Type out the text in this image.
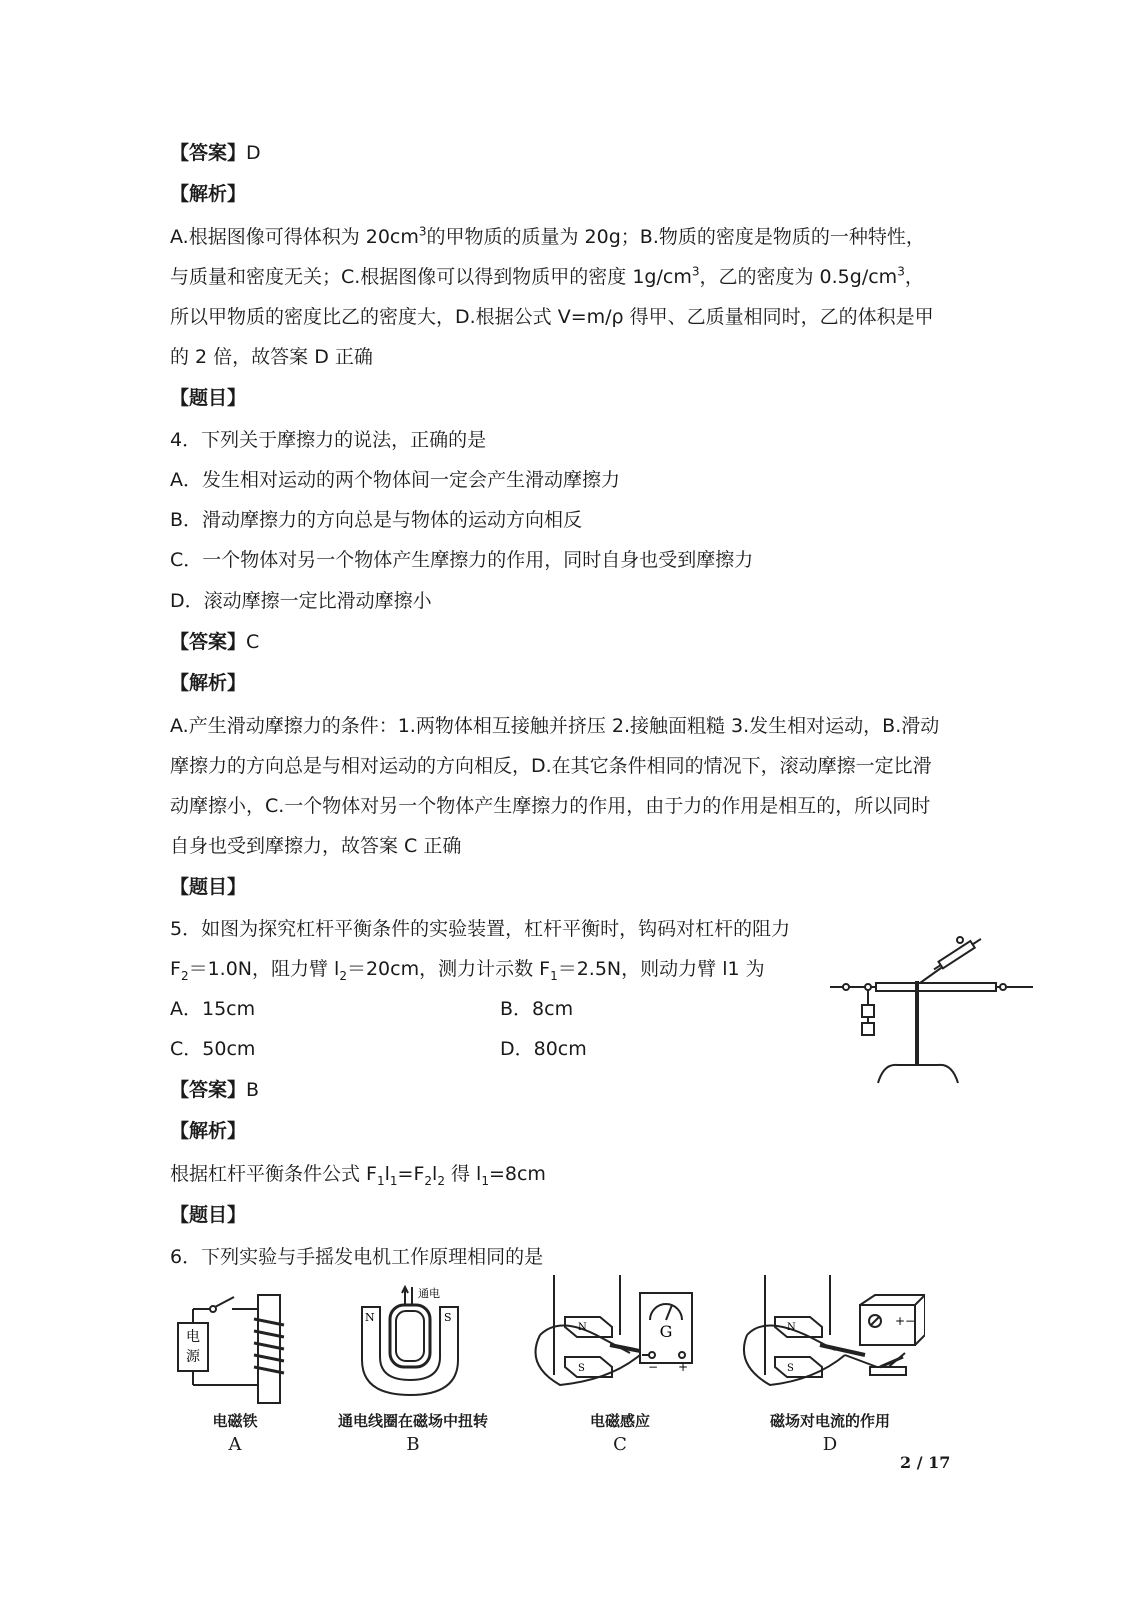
【答案】D
【解析】
A.根据图像可得体积为 $20cm^3$的甲物质的质量为 20g；B.物质的密度是物质的一种特性，
与质量和密度无关；C.根据图像可以得到物质甲的密度 $1g/cm^3$，乙的密度为 $0.5g/cm^3$，
所以甲物质的密度比乙的密度大，D.根据公式 V=m/ρ 得甲、乙质量相同时，乙的体积是甲
的 2 倍，故答案 D 正确
【题目】
4．下列关于摩擦力的说法，正确的是
A．发生相对运动的两个物体间一定会产生滑动摩擦力
B．滑动摩擦力的方向总是与物体的运动方向相反
C．一个物体对另一个物体产生摩擦力的作用，同时自身也受到摩擦力
D．滚动摩擦一定比滑动摩擦小
【答案】C
【解析】
A.产生滑动摩擦力的条件：1.两物体相互接触并挤压 2.接触面粗糙 3.发生相对运动，B.滑动
摩擦力的方向总是与相对运动的方向相反，D.在其它条件相同的情况下，滚动摩擦一定比滑
动摩擦小，C.一个物体对另一个物体产生摩擦力的作用，由于力的作用是相互的，所以同时
自身也受到摩擦力，故答案 C 正确
【题目】
5．如图为探究杠杆平衡条件的实验装置，杠杆平衡时，钩码对杠杆的阻力
$F_2=1.0N$，阻力臂 $l_2=20cm$，测力计示数 $F_1=2.5N$，则动力臂 l1 为
A．15cm	B．8cm
C．50cm	D．80cm
【答案】B
【解析】
根据杠杆平衡条件公式 $F_1l_1=F_2l_2$ 得 $l_1=8cm$
【题目】
6．下列实验与手摇发电机工作原理相同的是
电
源
通电
N	S
G
N
S	− +
N
S
+ −
电磁铁
A
通电线圈在磁场中扭转
B
电磁感应
C
磁场对电流的作用
D
2 / 17
